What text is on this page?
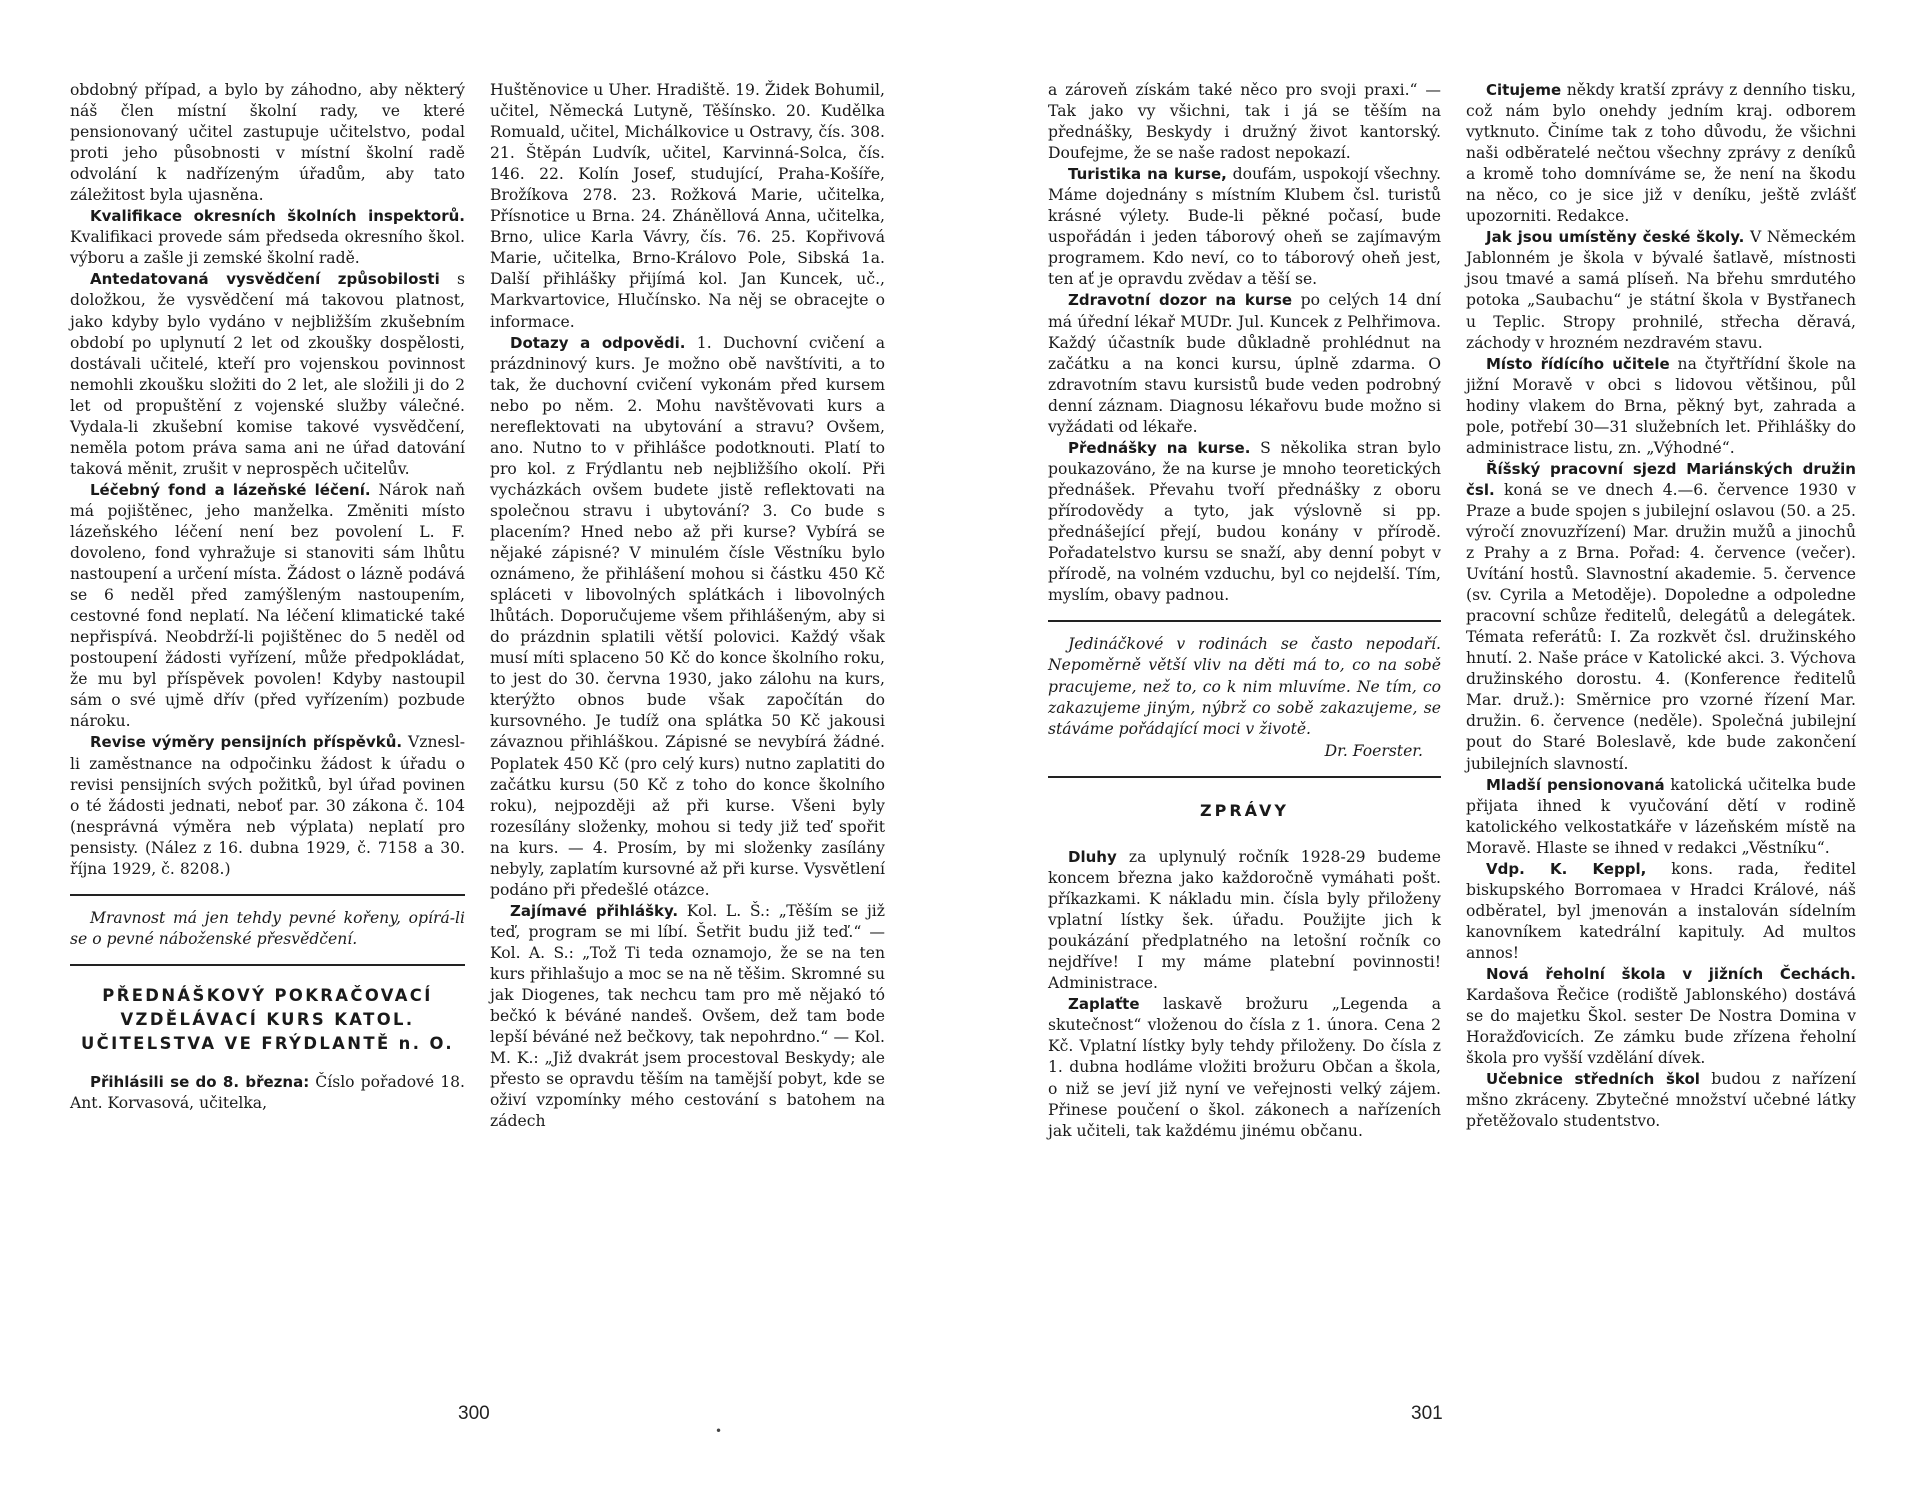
obdobný případ, a bylo by záhodno, aby některý náš člen místní školní rady, ve které pensionovaný učitel zastupuje učitelstvo, podal proti jeho působnosti v místní školní radě odvolání k nadřízeným úřadům, aby tato záležitost byla ujasněna.

Kvalifikace okresních školních inspektorů. Kvalifikaci provede sám předseda okresního škol. výboru a zašle ji zemské školní radě.

Antedatovaná vysvědčení způsobilosti s doložkou, že vysvědčení má takovou platnost, jako kdyby bylo vydáno v nejbližším zkušebním období po uplynutí 2 let od zkoušky dospělosti, dostávali učitelé, kteří pro vojenskou povinnost nemohli zkoušku složiti do 2 let, ale složili ji do 2 let od propuštění z vojenské služby válečné. Vydala-li zkušební komise takové vysvědčení, neměla potom práva sama ani ne úřad datování taková měnit, zrušit v neprospěch učitelův.

Léčebný fond a lázeňské léčení. Nárok naň má pojištěnec, jeho manželka. Změniti místo lázeňského léčení není bez povolení L. F. dovoleno, fond vyhražuje si stanoviti sám lhůtu nastoupení a určení místa. Žádost o lázně podává se 6 neděl před zamýšleným nastoupením, cestovné fond neplatí. Na léčení klimatické také nepřispívá. Neobdrží-li pojištěnec do 5 neděl od postoupení žádosti vyřízení, může předpokládat, že mu byl příspěvek povolen! Kdyby nastoupil sám o své ujmě dřív (před vyřízením) pozbude nároku.

Revise výměry pensijních příspěvků. Vznesl-li zaměstnance na odpočinku žádost k úřadu o revisi pensijních svých požitků, byl úřad povinen o té žádosti jednati, neboť par. 30 zákona č. 104 (nesprávná výměra neb výplata) neplatí pro pensisty. (Nález z 16. dubna 1929, č. 7158 a 30. října 1929, č. 8208.)

Mravnost má jen tehdy pevné kořeny, opírá-li se o pevné náboženské přesvědčení.

PŘEDNÁŠKOVÝ POKRAČOVACÍ VZDĚLÁVACÍ KURS KATOL. UČITELSTVA VE FRÝDLANTĚ n. O.

Přihlásili se do 8. března: Číslo pořadové 18. Ant. Korvasová, učitelka,

Huštěnovice u Uher. Hradiště. 19. Židek Bohumil, učitel, Německá Lutyně, Těšínsko. 20. Kudělka Romuald, učitel, Michálkovice u Ostravy, čís. 308. 21. Štěpán Ludvík, učitel, Karvinná-Solca, čís. 146. 22. Kolín Josef, studující, Praha-Košíře, Brožíkova 278. 23. Rožková Marie, učitelka, Přísnotice u Brna. 24. Zháněllová Anna, učitelka, Brno, ulice Karla Vávry, čís. 76. 25. Kopřivová Marie, učitelka, Brno-Královo Pole, Sibská 1a. Další přihlášky přijímá kol. Jan Kuncek, uč., Markvartovice, Hlučínsko. Na něj se obracejte o informace.

Dotazy a odpovědi. 1. Duchovní cvičení a prázdninový kurs. Je možno obě navštíviti, a to tak, že duchovní cvičení vykonám před kursem nebo po něm. 2. Mohu navštěvovati kurs a nereflektovati na ubytování a stravu? Ovšem, ano. Nutno to v přihlášce podotknouti. Platí to pro kol. z Frýdlantu neb nejbližšího okolí. Při vycházkách ovšem budete jistě reflektovati na společnou stravu i ubytování? 3. Co bude s placením? Hned nebo až při kurse? Vybírá se nějaké zápisné? V minulém čísle Věstníku bylo oznámeno, že přihlášení mohou si částku 450 Kč spláceti v libovolných splátkách i libovolných lhůtách. Doporučujeme všem přihlášeným, aby si do prázdnin splatili větší polovici. Každý však musí míti splaceno 50 Kč do konce školního roku, to jest do 30. června 1930, jako zálohu na kurs, kterýžto obnos bude však započítán do kursovného. Je tudíž ona splátka 50 Kč jakousi závaznou přihláškou. Zápisné se nevybírá žádné. Poplatek 450 Kč (pro celý kurs) nutno zaplatiti do začátku kursu (50 Kč z toho do konce školního roku), nejpozději až při kurse. Všeni byly rozesílány složenky, mohou si tedy již teď spořit na kurs. — 4. Prosím, by mi složenky zasílány nebyly, zaplatím kursovné až při kurse. Vysvětlení podáno při předešlé otázce.

Zajímavé přihlášky. Kol. L. Š.: „Těším se již teď, program se mi líbí. Šetřit budu již teď.“ — Kol. A. S.: „Tož Ti teda oznamojo, že se na ten kurs přihlašujo a moc se na ně těšim. Skromné su jak Diogenes, tak nechcu tam pro mě nějakó tó bečkó k béváné nandeš. Ovšem, dež tam bode lepší béváné než bečkovy, tak nepohrdno.“ — Kol. M. K.: „Již dvakrát jsem procestoval Beskydy; ale přesto se opravdu těším na tamější pobyt, kde se oživí vzpomínky mého cestování s batohem na zádech

300
•

a zároveň získám také něco pro svoji praxi.“ — Tak jako vy všichni, tak i já se těším na přednášky, Beskydy i družný život kantorský. Doufejme, že se naše radost nepokazí.

Turistika na kurse, doufám, uspokojí všechny. Máme dojednány s místním Klubem čsl. turistů krásné výlety. Bude-li pěkné počasí, bude uspořádán i jeden táborový oheň se zajímavým programem. Kdo neví, co to táborový oheň jest, ten ať je opravdu zvědav a těší se.

Zdravotní dozor na kurse po celých 14 dní má úřední lékař MUDr. Jul. Kuncek z Pelhřimova. Každý účastník bude důkladně prohlédnut na začátku a na konci kursu, úplně zdarma. O zdravotním stavu kursistů bude veden podrobný denní záznam. Diagnosu lékařovu bude možno si vyžádati od lékaře.

Přednášky na kurse. S několika stran bylo poukazováno, že na kurse je mnoho teoretických přednášek. Převahu tvoří přednášky z oboru přírodovědy a tyto, jak výslovně si pp. přednášející přejí, budou konány v přírodě. Pořadatelstvo kursu se snaží, aby denní pobyt v přírodě, na volném vzduchu, byl co nejdelší. Tím, myslím, obavy padnou.

Jedináčkové v rodinách se často nepodaří. Nepoměrně větší vliv na děti má to, co na sobě pracujeme, než to, co k nim mluvíme. Ne tím, co zakazujeme jiným, nýbrž co sobě zakazujeme, se stáváme pořádající moci v životě.
Dr. Foerster.

ZPRÁVY

Dluhy za uplynulý ročník 1928-29 budeme koncem března jako každoročně vymáhati pošt. příkazkami. K nákladu min. čísla byly přiloženy vplatní lístky šek. úřadu. Použijte jich k poukázání předplatného na letošní ročník co nejdříve! I my máme platební povinnosti! Administrace.

Zaplaťte laskavě brožuru „Legenda a skutečnost“ vloženou do čísla z 1. února. Cena 2 Kč. Vplatní lístky byly tehdy přiloženy. Do čísla z 1. dubna hodláme vložiti brožuru Občan a škola, o niž se jeví již nyní ve veřejnosti velký zájem. Přinese poučení o škol. zákonech a nařízeních jak učiteli, tak každému jinému občanu.

Citujeme někdy kratší zprávy z denního tisku, což nám bylo onehdy jedním kraj. odborem vytknuto. Činíme tak z toho důvodu, že všichni naši odběratelé nečtou všechny zprávy z deníků a kromě toho domníváme se, že není na škodu na něco, co je sice již v deníku, ještě zvlášť upozorniti. Redakce.

Jak jsou umístěny české školy. V Německém Jablonném je škola v bývalé šatlavě, místnosti jsou tmavé a samá plíseň. Na břehu smrdutého potoka „Saubachu“ je státní škola v Bystřanech u Teplic. Stropy prohnilé, střecha děravá, záchody v hrozném nezdravém stavu.

Místo řídícího učitele na čtyřtřídní škole na jižní Moravě v obci s lidovou většinou, půl hodiny vlakem do Brna, pěkný byt, zahrada a pole, potřebí 30—31 služebních let. Přihlášky do administrace listu, zn. „Výhodné“.

Říšský pracovní sjezd Mariánských družin čsl. koná se ve dnech 4.—6. července 1930 v Praze a bude spojen s jubilejní oslavou (50. a 25. výročí znovuzřízení) Mar. družin mužů a jinochů z Prahy a z Brna. Pořad: 4. července (večer). Uvítání hostů. Slavnostní akademie. 5. července (sv. Cyrila a Metoděje). Dopoledne a odpoledne pracovní schůze ředitelů, delegátů a delegátek. Témata referátů: I. Za rozkvět čsl. družinského hnutí. 2. Naše práce v Katolické akci. 3. Výchova družinského dorostu. 4. (Konference ředitelů Mar. druž.): Směrnice pro vzorné řízení Mar. družin. 6. července (neděle). Společná jubilejní pout do Staré Boleslavě, kde bude zakončení jubilejních slavností.

Mladší pensionovaná katolická učitelka bude přijata ihned k vyučování dětí v rodině katolického velkostatkáře v lázeňském místě na Moravě. Hlaste se ihned v redakci „Věstníku“.

Vdp. K. Keppl, kons. rada, ředitel biskupského Borromaea v Hradci Králové, náš odběratel, byl jmenován a instalován sídelním kanovníkem katedrální kapituly. Ad multos annos!

Nová řeholní škola v jižních Čechách. Kardašova Řečice (rodiště Jablonského) dostává se do majetku Škol. sester De Nostra Domina v Horažďovicích. Ze zámku bude zřízena řeholní škola pro vyšší vzdělání dívek.

Učebnice středních škol budou z nařízení mšno zkráceny. Zbytečné množství učebné látky přetěžovalo studentstvo.

301
